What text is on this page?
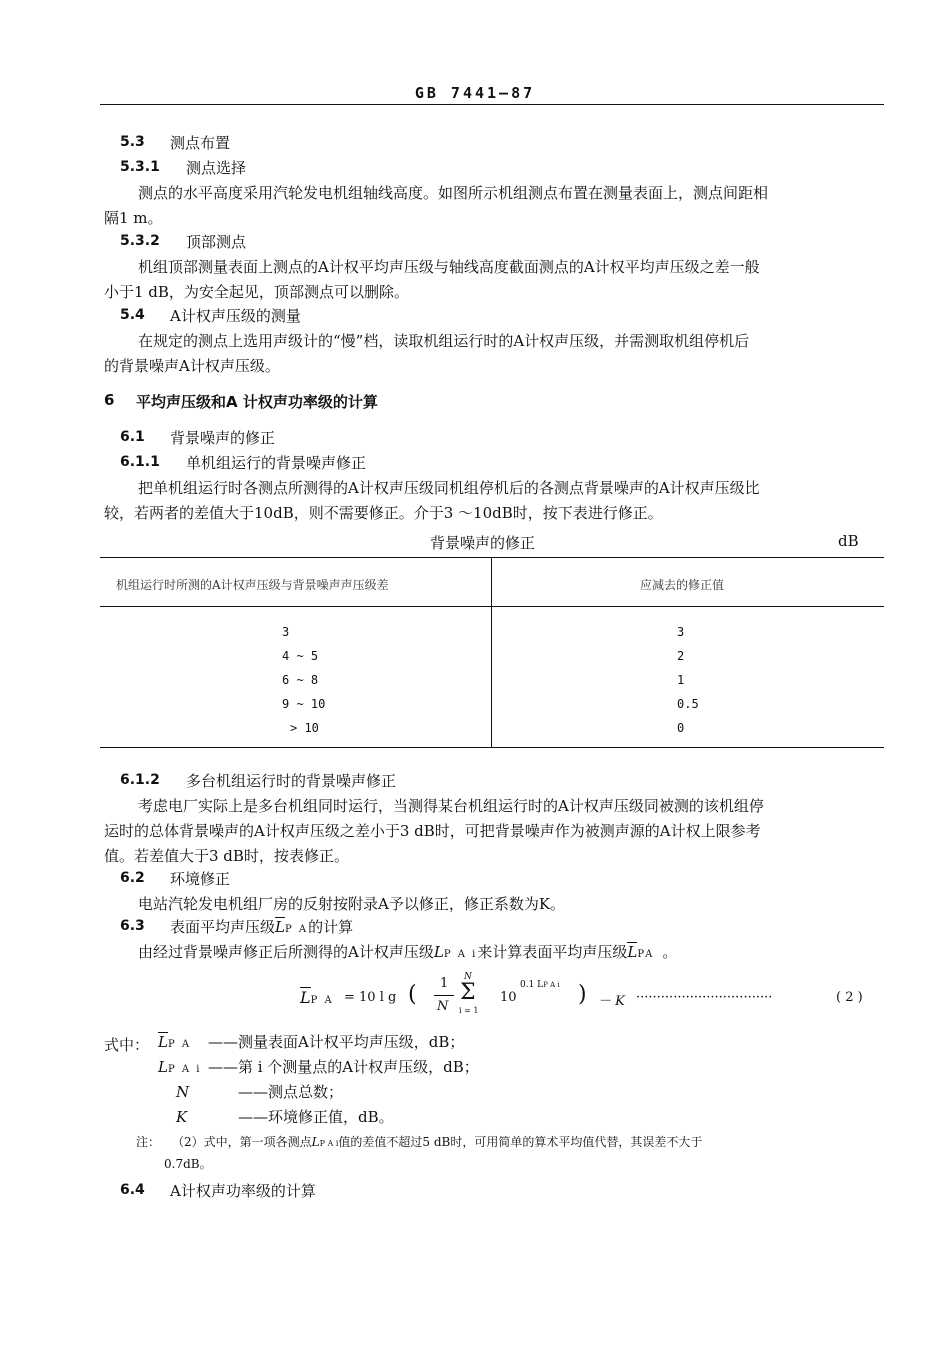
GB 7441—87
5.3 测点布置
5.3.1 测点选择
测点的水平高度采用汽轮发电机组轴线高度。如图所示机组测点布置在测量表面上，测点间距相
隔1 m。
5.3.2 顶部测点
机组顶部测量表面上测点的A计权平均声压级与轴线高度截面测点的A计权平均声压级之差一般
小于1 dB，为安全起见，顶部测点可以删除。
5.4 A计权声压级的测量
在规定的测点上选用声级计的“慢”档，读取机组运行时的A计权声压级，并需测取机组停机后
的背景噪声A计权声压级。
6 平均声压级和A 计权声功率级的计算
6.1 背景噪声的修正
6.1.1 单机组运行的背景噪声修正
把单机组运行时各测点所测得的A计权声压级同机组停机后的各测点背景噪声的A计权声压级比
较，若两者的差值大于10dB，则不需要修正。介于3 ～10dB时，按下表进行修正。
背景噪声的修正	dB
机组运行时所测的A计权声压级与背景噪声声压级差	应减去的修正值
3	3
4 ~ 5	2
6 ~ 8	1
9 ~ 10	0.5
> 10	0
6.1.2 多台机组运行时的背景噪声修正
考虑电厂实际上是多台机组同时运行，当测得某台机组运行时的A计权声压级同被测的该机组停
运时的总体背景噪声的A计权声压级之差小于3 dB时，可把背景噪声作为被测声源的A计权上限参考
值。若差值大于3 dB时，按表修正。
6.2 环境修正
电站汽轮发电机组厂房的反射按附录A予以修正，修正系数为K。
6.3 表面平均声压级LP A的计算
由经过背景噪声修正后所测得的A计权声压级LP A i来计算表面平均声压级LPA 。
LP A = 10 l g ( 1
N
N
Σ
i = 1
10
0.1 LP A i ) － K ·································	( 2 )
式中： LP A ——测量表面A计权平均声压级，dB；
LP A i ——第 i 个测量点的A计权声压级，dB；
N	——测点总数；
K	——环境修正值，dB。
注： （2）式中，第一项各测点LP A i值的差值不超过5 dB时，可用简单的算术平均值代替，其误差不大于
0.7dB。
6.4 A计权声功率级的计算
